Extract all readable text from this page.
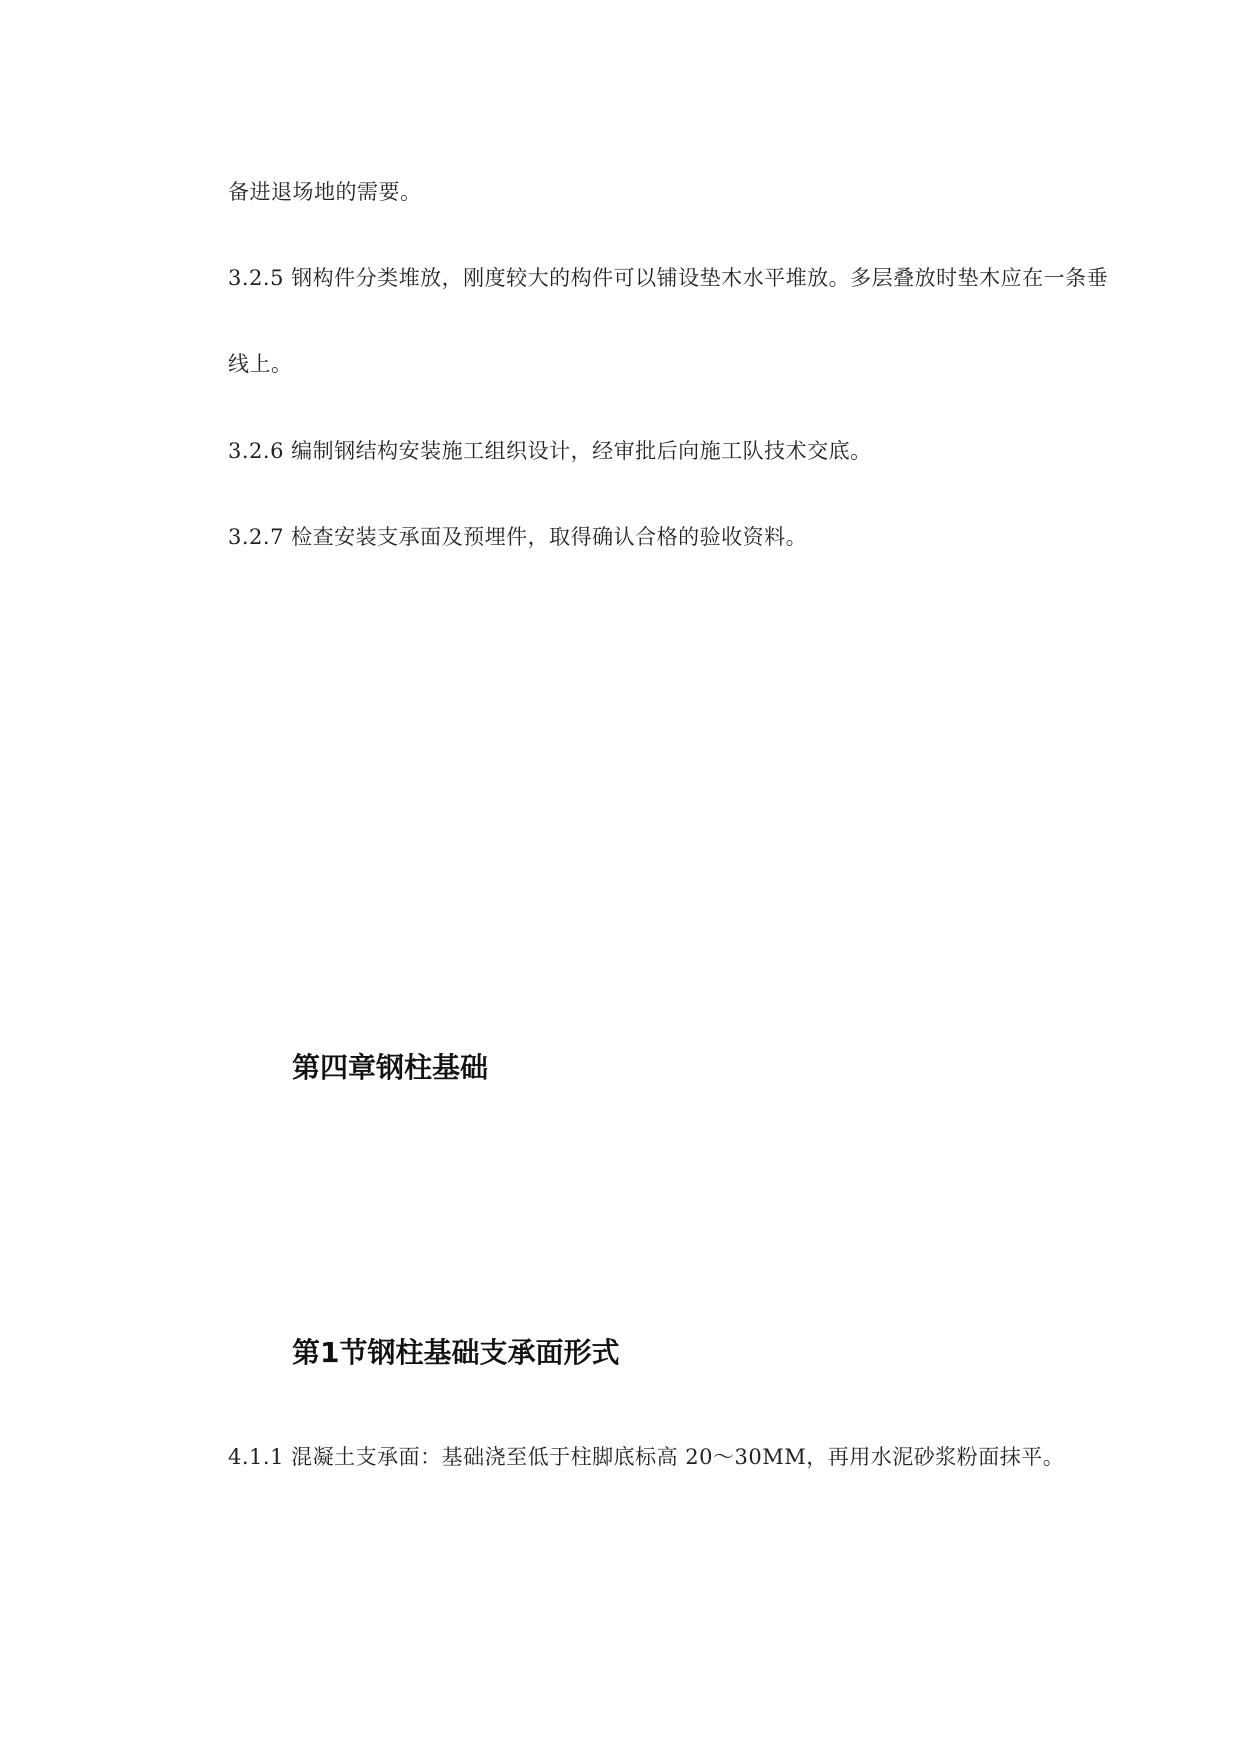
备进退场地的需要。

3.2.5 钢构件分类堆放，刚度较大的构件可以铺设垫木水平堆放。多层叠放时垫木应在一条垂

线上。

3.2.6 编制钢结构安装施工组织设计，经审批后向施工队技术交底。

3.2.7 检查安装支承面及预埋件，取得确认合格的验收资料。

第四章钢柱基础
第1节钢柱基础支承面形式

4.1.1 混凝土支承面：基础浇至低于柱脚底标高 20～30MM，再用水泥砂浆粉面抹平。
